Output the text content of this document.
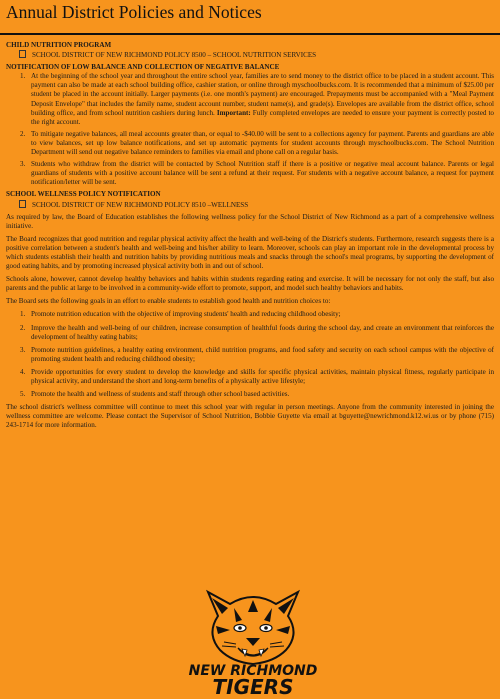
Annual District Policies and Notices
CHILD NUTRITION PROGRAM
SCHOOL DISTRICT OF NEW RICHMOND POLICY 8500 – SCHOOL NUTRITION SERVICES
NOTIFICATION OF LOW BALANCE AND COLLECTION OF NEGATIVE BALANCE
1. At the beginning of the school year and throughout the entire school year, families are to send money to the district office to be placed in a student account. This payment can also be made at each school building office, cashier station, or online through myschoolbucks.com. It is recommended that a minimum of $25.00 per student be placed in the account initially. Larger payments (i.e. one month's payment) are encouraged. Prepayments must be accompanied with a "Meal Payment Deposit Envelope" that includes the family name, student account number, student name(s), and grade(s). Envelopes are available from the district office, school building office, and from school nutrition cashiers during lunch. Important: Fully completed envelopes are needed to ensure your payment is correctly posted to the right account.
2. To mitigate negative balances, all meal accounts greater than, or equal to -$40.00 will be sent to a collections agency for payment. Parents and guardians are able to view balances, set up low balance notifications, and set up automatic payments for student accounts through myschoolbucks.com. The School Nutrition Department will send out negative balance reminders to families via email and phone call on a regular basis.
3. Students who withdraw from the district will be contacted by School Nutrition staff if there is a positive or negative meal account balance. Parents or legal guardians of students with a positive account balance will be sent a refund at their request. For students with a negative account balance, a request for payment notification/letter will be sent.
SCHOOL WELLNESS POLICY NOTIFICATION
SCHOOL DISTRICT OF NEW RICHMOND POLICY 8510 –WELLNESS

As required by law, the Board of Education establishes the following wellness policy for the School District of New Richmond as a part of a comprehensive wellness initiative.

The Board recognizes that good nutrition and regular physical activity affect the health and well-being of the District's students. Furthermore, research suggests there is a positive correlation between a student's health and well-being and his/her ability to learn. Moreover, schools can play an important role in the developmental process by which students establish their health and nutrition habits by providing nutritious meals and snacks through the school's meal programs, by supporting the development of good eating habits, and by promoting increased physical activity both in and out of school.

Schools alone, however, cannot develop healthy behaviors and habits within students regarding eating and exercise. It will be necessary for not only the staff, but also parents and the public at large to be involved in a community-wide effort to promote, support, and model such healthy behaviors and habits.

The Board sets the following goals in an effort to enable students to establish good health and nutrition choices to:

1. Promote nutrition education with the objective of improving students' health and reducing childhood obesity;
2. Improve the health and well-being of our children, increase consumption of healthful foods during the school day, and create an environment that reinforces the development of healthy eating habits;
3. Promote nutrition guidelines, a healthy eating environment, child nutrition programs, and food safety and security on each school campus with the objective of promoting student health and reducing childhood obesity;
4. Provide opportunities for every student to develop the knowledge and skills for specific physical activities, maintain physical fitness, regularly participate in physical activity, and understand the short and long-term benefits of a physically active lifestyle;
5. Promote the health and wellness of students and staff through other school based activities.

The school district's wellness committee will continue to meet this school year with regular in person meetings. Anyone from the community interested in joining the wellness committee are welcome. Please contact the Supervisor of School Nutrition, Bobbie Guyette via email at bguyette@newrichmond.k12.wi.us or by phone (715) 243-1714 for more information.

NEW RICHMOND
TIGERS
